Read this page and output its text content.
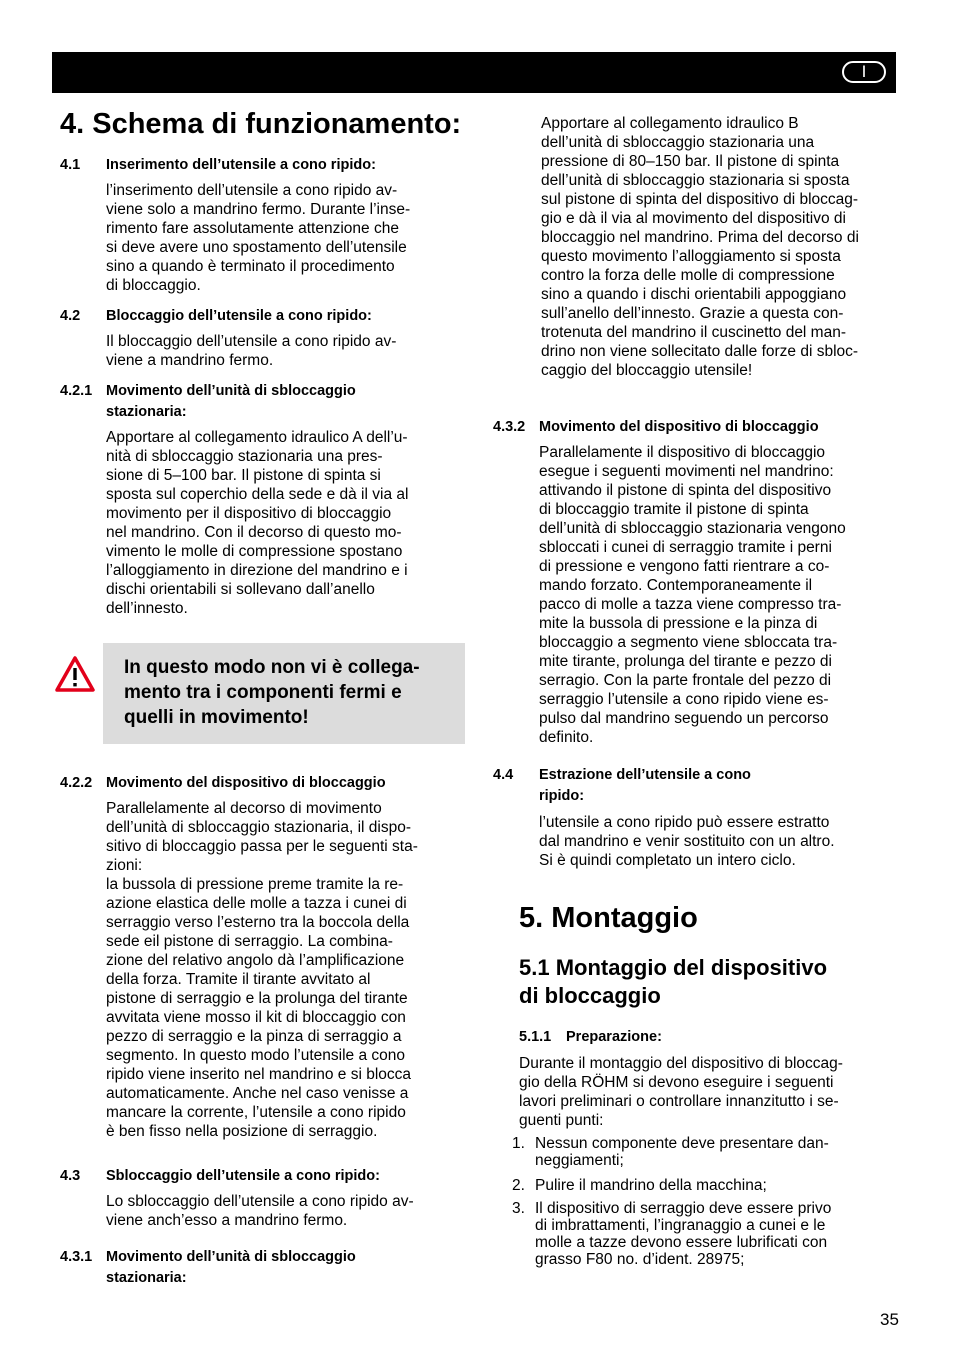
I
4. Schema di funzionamento:
4.1 Inserimento dell’utensile a cono ripido:
l’inserimento dell’utensile a cono ripido av-
viene solo a mandrino fermo. Durante l’inse-
rimento fare assolutamente attenzione che
si deve avere uno spostamento dell’utensile
sino a quando è terminato il procedimento
di bloccaggio.
4.2 Bloccaggio dell’utensile a cono ripido:
Il bloccaggio dell’utensile a cono ripido av-
viene a mandrino fermo.
4.2.1 Movimento dell’unità di sbloccaggio
stazionaria:
Apportare al collegamento idraulico A dell’u-
nità di sbloccaggio stazionaria una pres-
sione di 5–100 bar. Il pistone di spinta si
sposta sul coperchio della sede e dà il via al
movimento per il dispositivo di bloccaggio
nel mandrino. Con il decorso di questo mo-
vimento le molle di compressione spostano
l’alloggiamento in direzione del mandrino e i
dischi orientabili si sollevano dall’anello
dell’innesto.
In questo modo non vi è collega-
mento tra i componenti fermi e
quelli in movimento!
4.2.2 Movimento del dispositivo di bloccaggio
Parallelamente al decorso di movimento
dell’unità di sbloccaggio stazionaria, il dispo-
sitivo di bloccaggio passa per le seguenti sta-
zioni:
la bussola di pressione preme tramite la re-
azione elastica delle molle a tazza i cunei di
serraggio verso l’esterno tra la boccola della
sede eil pistone di serraggio. La combina-
zione del relativo angolo dà l’amplificazione
della forza. Tramite il tirante avvitato al
pistone di serraggio e la prolunga del tirante
avvitata viene mosso il kit di bloccaggio con
pezzo di serraggio e la pinza di serraggio a
segmento. In questo modo l’utensile a cono
ripido viene inserito nel mandrino e si blocca
automaticamente. Anche nel caso venisse a
mancare la corrente, l’utensile a cono ripido
è ben fisso nella posizione di serraggio.
4.3 Sbloccaggio dell’utensile a cono ripido:
Lo sbloccaggio dell’utensile a cono ripido av-
viene anch’esso a mandrino fermo.
4.3.1 Movimento dell’unità di sbloccaggio
stazionaria:
Apportare al collegamento idraulico B
dell’unità di sbloccaggio stazionaria una
pressione di 80–150 bar. Il pistone di spinta
dell’unità di sbloccaggio stazionaria si sposta
sul pistone di spinta del dispositivo di bloccag-
gio e dà il via al movimento del dispositivo di
bloccaggio nel mandrino. Prima del decorso di
questo movimento l’alloggiamento si sposta
contro la forza delle molle di compressione
sino a quando i dischi orientabili appoggiano
sull’anello dell’innesto. Grazie a questa con-
trotenuta del mandrino il cuscinetto del man-
drino non viene sollecitato dalle forze di sbloc-
caggio del bloccaggio utensile!
4.3.2 Movimento del dispositivo di bloccaggio
Parallelamente il dispositivo di bloccaggio
esegue i seguenti movimenti nel mandrino:
attivando il pistone di spinta del dispositivo
di bloccaggio tramite il pistone di spinta
dell’unità di sbloccaggio stazionaria vengono
sbloccati i cunei di serraggio tramite i perni
di pressione e vengono fatti rientrare a co-
mando forzato. Contemporaneamente il
pacco di molle a tazza viene compresso tra-
mite la bussola di pressione e la pinza di
bloccaggio a segmento viene sbloccata tra-
mite tirante, prolunga del tirante e pezzo di
serragio. Con la parte frontale del pezzo di
serraggio l’utensile a cono ripido viene es-
pulso dal mandrino seguendo un percorso
definito.
4.4 Estrazione dell’utensile a cono
ripido:
l’utensile a cono ripido può essere estratto
dal mandrino e venir sostituito con un altro.
Si è quindi completato un intero ciclo.
5. Montaggio
5.1 Montaggio del dispositivo
di bloccaggio
5.1.1 Preparazione:
Durante il montaggio del dispositivo di bloccag-
gio della RÖHM si devono eseguire i seguenti
lavori preliminari o controllare innanzitutto i se-
guenti punti:
1. Nessun componente deve presentare dan-
neggiamenti;
2. Pulire il mandrino della macchina;
3. Il dispositivo di serraggio deve essere privo
di imbrattamenti, l’ingranaggio a cunei e le
molle a tazze devono essere lubrificati con
grasso F80 no. d’ident. 28975;
35
